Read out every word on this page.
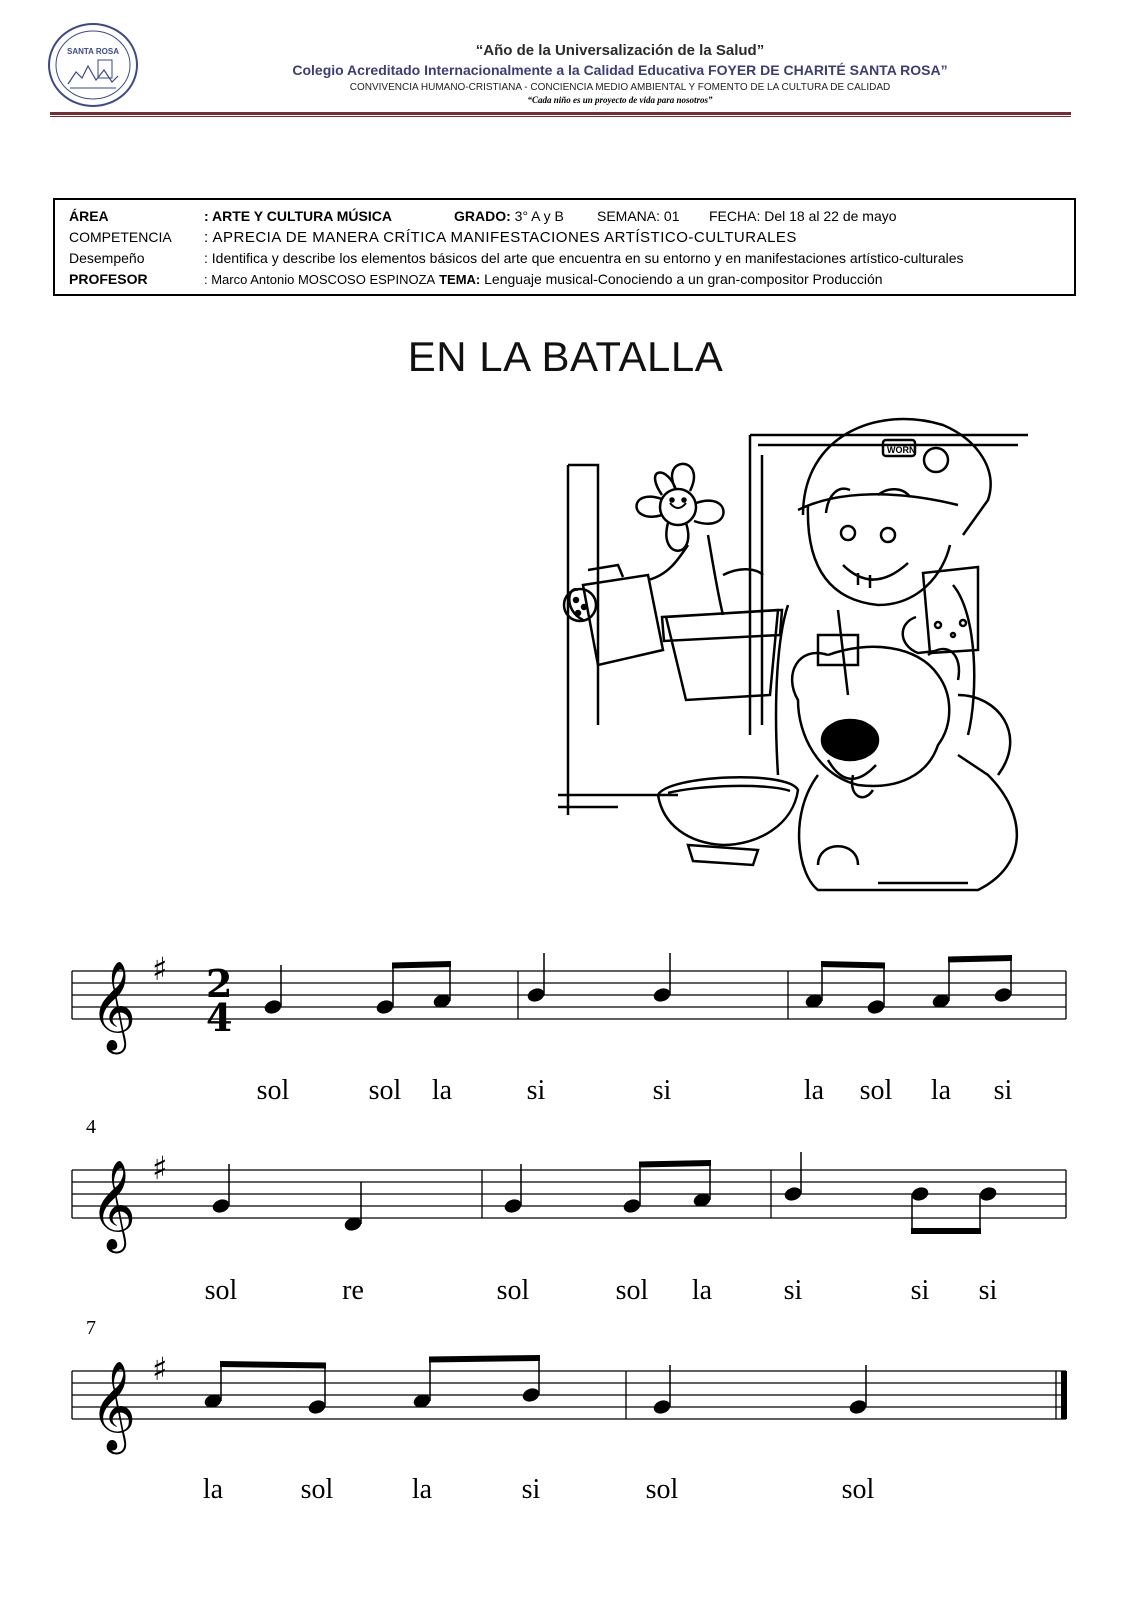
SANTA ROSA	“Año de la Universalización de la Salud”
Colegio Acreditado Internacionalmente a la Calidad Educativa FOYER DE CHARITÉ SANTA ROSA”
CONVIVENCIA HUMANO-CRISTIANA - CONCIENCIA MEDIO AMBIENTAL Y FOMENTO DE LA CULTURA DE CALIDAD
“Cada niño es un proyecto de vida para nosotros”
ÁREA	: ARTE Y CULTURA MÚSICA	GRADO: 3° A y B SEMANA: 01 FECHA: Del 18 al 22 de mayo
COMPETENCIA : APRECIA DE MANERA CRÍTICA MANIFESTACIONES ARTÍSTICO-CULTURALES
Desempeño	: Identifica y describe los elementos básicos del arte que encuentra en su entorno y en manifestaciones artístico-culturales
PROFESOR	: Marco Antonio MOSCOSO ESPINOZA TEMA: Lenguaje musical-Conociendo a un gran-compositor Producción
EN LA BATALLA
WORN
𝄞 ♯ 2
4
𝄞 ♯
𝄞 ♯
sol	sol la	si	si	la sol la si
4
sol	re	sol	sol la	si	si si
7
la	sol	la	si	sol	sol
